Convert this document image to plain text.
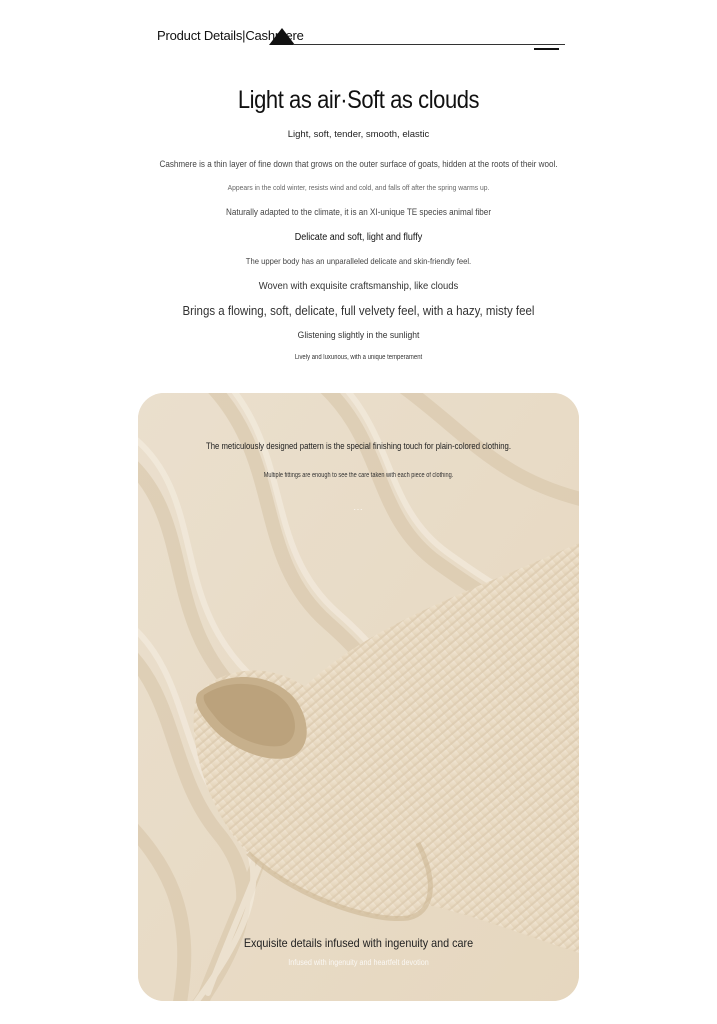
Product Details|Cashmere
Light as air·Soft as clouds
Light, soft, tender, smooth, elastic
Cashmere is a thin layer of fine down that grows on the outer surface of goats, hidden at the roots of their wool.
Appears in the cold winter, resists wind and cold, and falls off after the spring warms up.
Naturally adapted to the climate, it is an XI-unique TE species animal fiber
Delicate and soft, light and fluffy
The upper body has an unparalleled delicate and skin-friendly feel.
Woven with exquisite craftsmanship, like clouds
Brings a flowing, soft, delicate, full velvety feel, with a hazy, misty feel
Glistening slightly in the sunlight
Lively and luxurious, with a unique temperament
The meticulously designed pattern is the special finishing touch for plain-colored clothing.
Multiple fittings are enough to see the care taken with each piece of clothing.
...
Exquisite details infused with ingenuity and care
Infused with ingenuity and heartfelt devotion
